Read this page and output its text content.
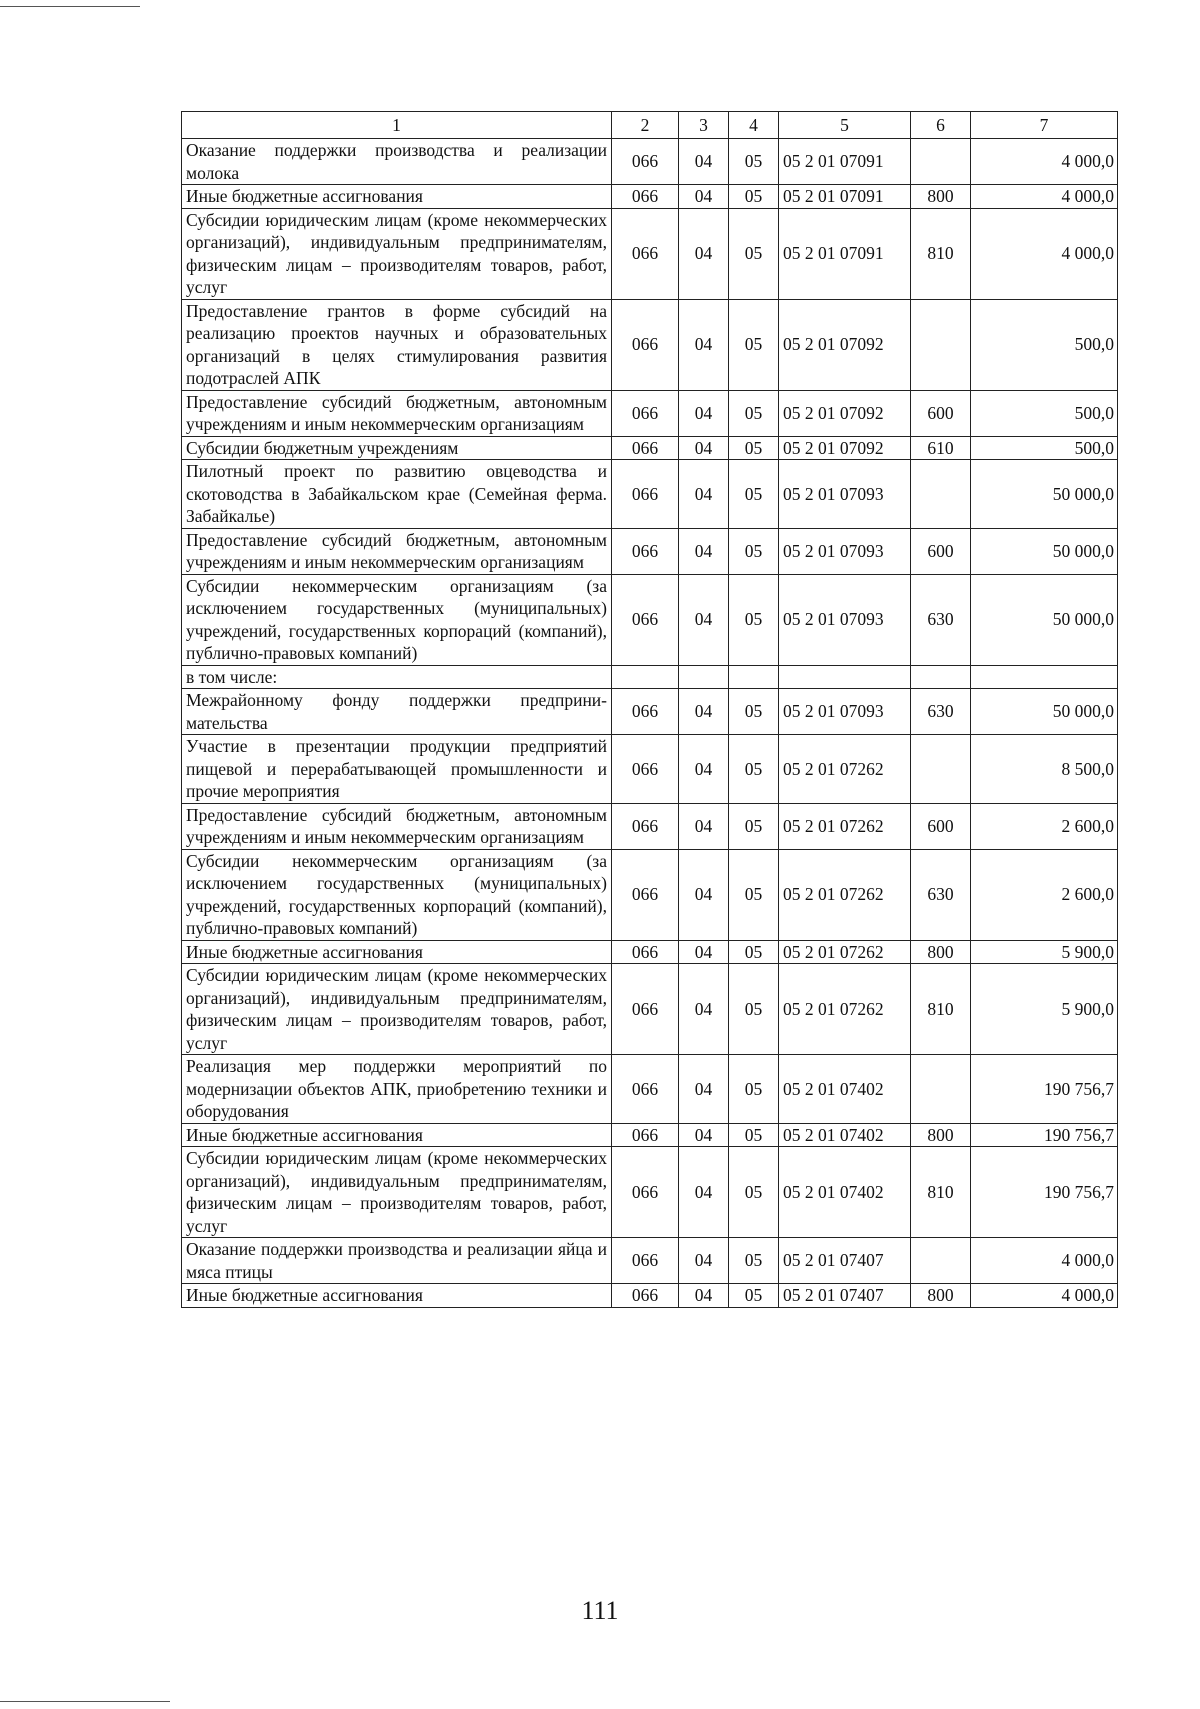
1	2	3	4	5	6	7
Оказание поддержки производства и реализации молока	066	04	05	05 2 01 07091		4 000,0
Иные бюджетные ассигнования	066	04	05	05 2 01 07091	800	4 000,0
Субсидии юридическим лицам (кроме некоммерческих организаций), индивидуальным предпринимателям, физическим лицам – производителям товаров, работ, услуг	066	04	05	05 2 01 07091	810	4 000,0
Предоставление грантов в форме субсидий на реализацию проектов научных и образовательных организаций в целях стимулирования развития подотраслей АПК	066	04	05	05 2 01 07092		500,0
Предоставление субсидий бюджетным, автономным учреждениям и иным некоммерческим организациям	066	04	05	05 2 01 07092	600	500,0
Субсидии бюджетным учреждениям	066	04	05	05 2 01 07092	610	500,0
Пилотный проект по развитию овцеводства и скотоводства в Забайкальском крае (Семейная ферма. Забайкалье)	066	04	05	05 2 01 07093		50 000,0
Предоставление субсидий бюджетным, автономным учреждениям и иным некоммерческим организациям	066	04	05	05 2 01 07093	600	50 000,0
Субсидии некоммерческим организациям (за исключением государственных (муниципальных) учреждений, государственных корпораций (компаний), публично-правовых компаний)	066	04	05	05 2 01 07093	630	50 000,0
в том числе:						
Межрайонному фонду поддержки предпринимательства	066	04	05	05 2 01 07093	630	50 000,0
Участие в презентации продукции предприятий пищевой и перерабатывающей промышленности и прочие мероприятия	066	04	05	05 2 01 07262		8 500,0
Предоставление субсидий бюджетным, автономным учреждениям и иным некоммерческим организациям	066	04	05	05 2 01 07262	600	2 600,0
Субсидии некоммерческим организациям (за исключением государственных (муниципальных) учреждений, государственных корпораций (компаний), публично-правовых компаний)	066	04	05	05 2 01 07262	630	2 600,0
Иные бюджетные ассигнования	066	04	05	05 2 01 07262	800	5 900,0
Субсидии юридическим лицам (кроме некоммерческих организаций), индивидуальным предпринимателям, физическим лицам – производителям товаров, работ, услуг	066	04	05	05 2 01 07262	810	5 900,0
Реализация мер поддержки мероприятий по модернизации объектов АПК, приобретению техники и оборудования	066	04	05	05 2 01 07402		190 756,7
Иные бюджетные ассигнования	066	04	05	05 2 01 07402	800	190 756,7
Субсидии юридическим лицам (кроме некоммерческих организаций), индивидуальным предпринимателям, физическим лицам – производителям товаров, работ, услуг	066	04	05	05 2 01 07402	810	190 756,7
Оказание поддержки производства и реализации яйца и мяса птицы	066	04	05	05 2 01 07407		4 000,0
Иные бюджетные ассигнования	066	04	05	05 2 01 07407	800	4 000,0
111
